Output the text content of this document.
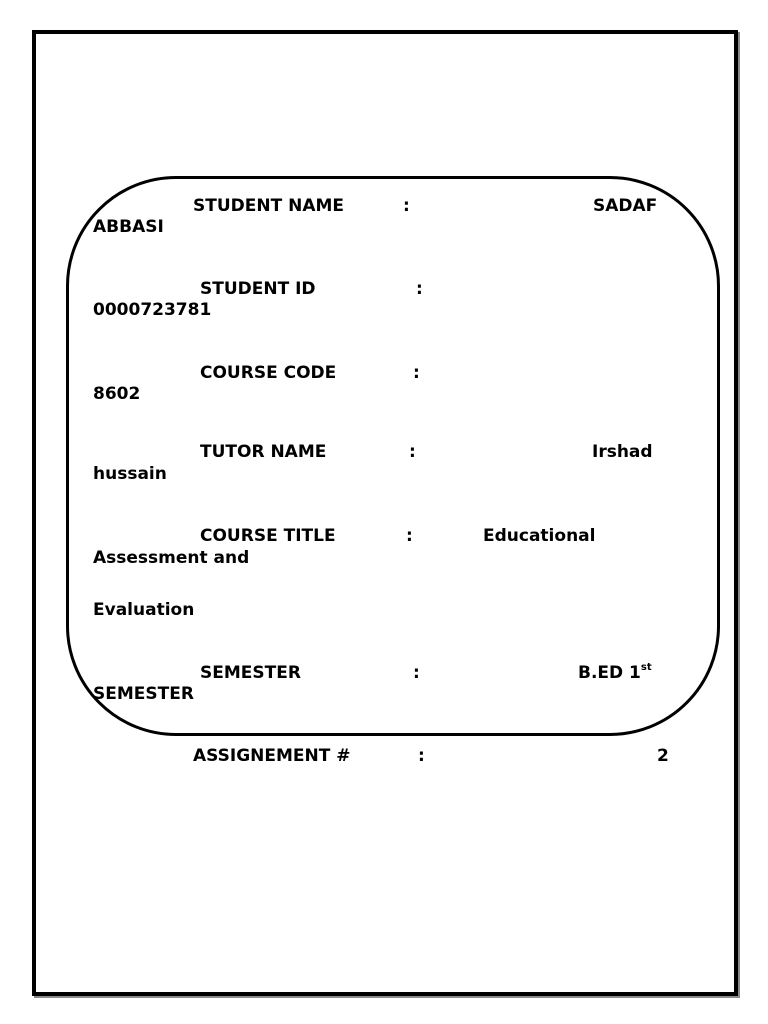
STUDENT NAME	:	SADAF
ABBASI
STUDENT ID	:
0000723781
COURSE CODE	:
8602
TUTOR NAME	:	Irshad
hussain
COURSE TITLE	:	Educational
Assessment and
Evaluation
SEMESTER	:	B.ED 1st
SEMESTER
ASSIGNEMENT #	:	2
